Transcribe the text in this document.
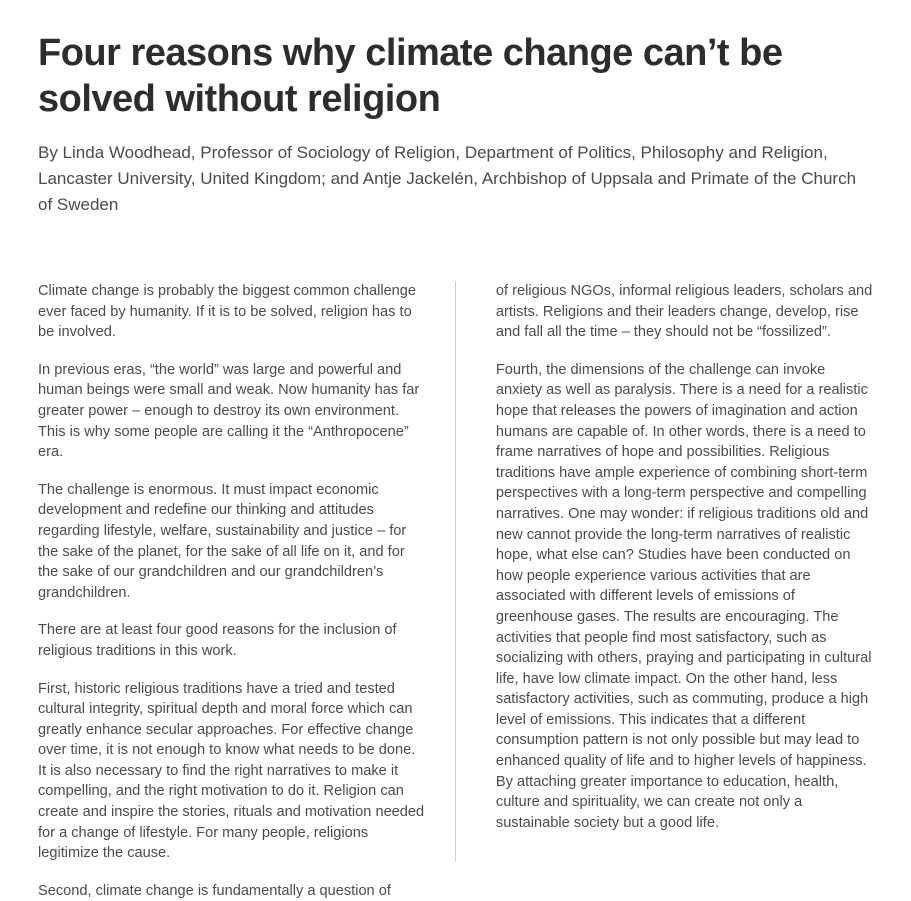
Four reasons why climate change can’t be solved without religion
By Linda Woodhead, Professor of Sociology of Religion, Department of Politics, Philosophy and Religion, Lancaster University, United Kingdom; and Antje Jackelén, Archbishop of Uppsala and Primate of the Church of Sweden

Climate change is probably the biggest common challenge ever faced by humanity. If it is to be solved, religion has to be involved.

In previous eras, “the world” was large and powerful and human beings were small and weak. Now humanity has far greater power – enough to destroy its own environment. This is why some people are calling it the “Anthropocene” era.

The challenge is enormous. It must impact economic development and redefine our thinking and attitudes regarding lifestyle, welfare, sustainability and justice – for the sake of the planet, for the sake of all life on it, and for the sake of our grandchildren and our grandchildren’s grandchildren.

There are at least four good reasons for the inclusion of religious traditions in this work.

First, historic religious traditions have a tried and tested cultural integrity, spiritual depth and moral force which can greatly enhance secular approaches. For effective change over time, it is not enough to know what needs to be done. It is also necessary to find the right narratives to make it compelling, and the right motivation to do it. Religion can create and inspire the stories, rituals and motivation needed for a change of lifestyle. For many people, religions legitimize the cause.

Second, climate change is fundamentally a question of

of religious NGOs, informal religious leaders, scholars and artists. Religions and their leaders change, develop, rise and fall all the time – they should not be “fossilized”.

Fourth, the dimensions of the challenge can invoke anxiety as well as paralysis. There is a need for a realistic hope that releases the powers of imagination and action humans are capable of. In other words, there is a need to frame narratives of hope and possibilities. Religious traditions have ample experience of combining short-term perspectives with a long-term perspective and compelling narratives. One may wonder: if religious traditions old and new cannot provide the long-term narratives of realistic hope, what else can? Studies have been conducted on how people experience various activities that are associated with different levels of emissions of greenhouse gases. The results are encouraging. The activities that people find most satisfactory, such as socializing with others, praying and participating in cultural life, have low climate impact. On the other hand, less satisfactory activities, such as commuting, produce a high level of emissions. This indicates that a different consumption pattern is not only possible but may lead to enhanced quality of life and to higher levels of happiness. By attaching greater importance to education, health, culture and spirituality, we can create not only a sustainable society but a good life.
